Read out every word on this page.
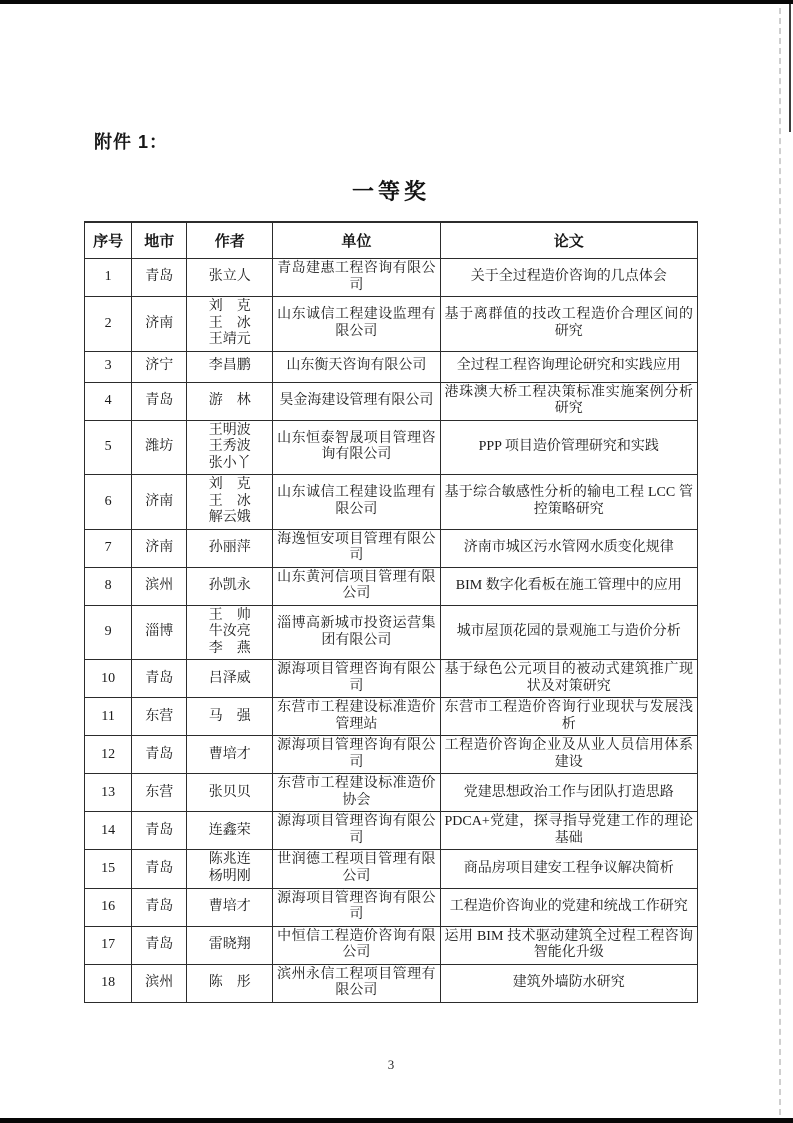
附件 1：
一等奖
序号	地市	作者	单位	论文
1	青岛	张立人	青岛建惠工程咨询有限公司	关于全过程造价咨询的几点体会
2	济南	刘　克
王　冰
王靖元	山东诚信工程建设监理有限公司	基于离群值的技改工程造价合理区间的研究
3	济宁	李昌鹏	山东衡天咨询有限公司	全过程工程咨询理论研究和实践应用
4	青岛	游　林	昊金海建设管理有限公司	港珠澳大桥工程决策标准实施案例分析研究
5	潍坊	王明波
王秀波
张小丫	山东恒泰智晟项目管理咨询有限公司	PPP 项目造价管理研究和实践
6	济南	刘　克
王　冰
解云娥	山东诚信工程建设监理有限公司	基于综合敏感性分析的输电工程 LCC 管控策略研究
7	济南	孙丽萍	海逸恒安项目管理有限公司	济南市城区污水管网水质变化规律
8	滨州	孙凯永	山东黄河信项目管理有限公司	BIM 数字化看板在施工管理中的应用
9	淄博	王　帅
牛汝亮
李　燕	淄博高新城市投资运营集团有限公司	城市屋顶花园的景观施工与造价分析
10	青岛	吕泽威	源海项目管理咨询有限公司	基于绿色公元项目的被动式建筑推广现状及对策研究
11	东营	马　强	东营市工程建设标准造价管理站	东营市工程造价咨询行业现状与发展浅析
12	青岛	曹培才	源海项目管理咨询有限公司	工程造价咨询企业及从业人员信用体系建设
13	东营	张贝贝	东营市工程建设标准造价协会	党建思想政治工作与团队打造思路
14	青岛	连鑫荣	源海项目管理咨询有限公司	PDCA+党建，探寻指导党建工作的理论基础
15	青岛	陈兆连
杨明刚	世润德工程项目管理有限公司	商品房项目建安工程争议解决简析
16	青岛	曹培才	源海项目管理咨询有限公司	工程造价咨询业的党建和统战工作研究
17	青岛	雷晓翔	中恒信工程造价咨询有限公司	运用 BIM 技术驱动建筑全过程工程咨询智能化升级
18	滨州	陈　彤	滨州永信工程项目管理有限公司	建筑外墙防水研究
3
